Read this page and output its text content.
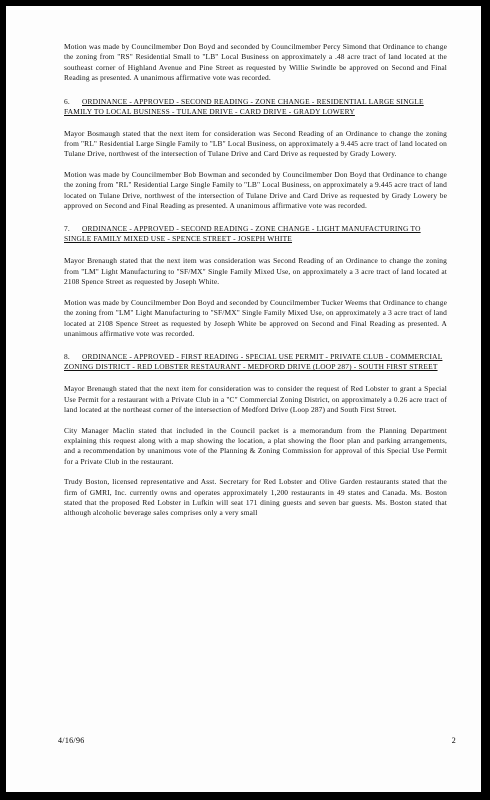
Motion was made by Councilmember Don Boyd and seconded by Councilmember Percy Simond that Ordinance to change the zoning from "RS" Residential Small to "LB" Local Business on approximately a .48 acre tract of land located at the southeast corner of Highland Avenue and Pine Street as requested by Willie Swindle be approved on Second and Final Reading as presented. A unanimous affirmative vote was recorded.

6. ORDINANCE - APPROVED - SECOND READING - ZONE CHANGE - RESIDENTIAL LARGE SINGLE FAMILY TO LOCAL BUSINESS - TULANE DRIVE - CARD DRIVE - GRADY LOWERY

Mayor Bosmaugh stated that the next item for consideration was Second Reading of an Ordinance to change the zoning from "RL" Residential Large Single Family to "LB" Local Business, on approximately a 9.445 acre tract of land located on Tulane Drive, northwest of the intersection of Tulane Drive and Card Drive as requested by Grady Lowery.

Motion was made by Councilmember Bob Bowman and seconded by Councilmember Don Boyd that Ordinance to change the zoning from "RL" Residential Large Single Family to "LB" Local Business, on approximately a 9.445 acre tract of land located on Tulane Drive, northwest of the intersection of Tulane Drive and Card Drive as requested by Grady Lowery be approved on Second and Final Reading as presented. A unanimous affirmative vote was recorded.

7. ORDINANCE - APPROVED - SECOND READING - ZONE CHANGE - LIGHT MANUFACTURING TO SINGLE FAMILY MIXED USE - SPENCE STREET - JOSEPH WHITE

Mayor Brenaugh stated that the next item was consideration was Second Reading of an Ordinance to change the zoning from "LM" Light Manufacturing to "SF/MX" Single Family Mixed Use, on approximately a 3 acre tract of land located at 2108 Spence Street as requested by Joseph White.

Motion was made by Councilmember Don Boyd and seconded by Councilmember Tucker Weems that Ordinance to change the zoning from "LM" Light Manufacturing to "SF/MX" Single Family Mixed Use, on approximately a 3 acre tract of land located at 2108 Spence Street as requested by Joseph White be approved on Second and Final Reading as presented. A unanimous affirmative vote was recorded.

8. ORDINANCE - APPROVED - FIRST READING - SPECIAL USE PERMIT - PRIVATE CLUB - COMMERCIAL ZONING DISTRICT - RED LOBSTER RESTAURANT - MEDFORD DRIVE (LOOP 287) - SOUTH FIRST STREET

Mayor Brenaugh stated that the next item for consideration was to consider the request of Red Lobster to grant a Special Use Permit for a restaurant with a Private Club in a "C" Commercial Zoning District, on approximately a 0.26 acre tract of land located at the northeast corner of the intersection of Medford Drive (Loop 287) and South First Street.

City Manager Maclin stated that included in the Council packet is a memorandum from the Planning Department explaining this request along with a map showing the location, a plat showing the floor plan and parking arrangements, and a recommendation by unanimous vote of the Planning & Zoning Commission for approval of this Special Use Permit for a Private Club in the restaurant.

Trudy Boston, licensed representative and Asst. Secretary for Red Lobster and Olive Garden restaurants stated that the firm of GMRI, Inc. currently owns and operates approximately 1,200 restaurants in 49 states and Canada. Ms. Boston stated that the proposed Red Lobster in Lufkin will seat 171 dining guests and seven bar guests. Ms. Boston stated that although alcoholic beverage sales comprises only a very small

4/16/96	2
